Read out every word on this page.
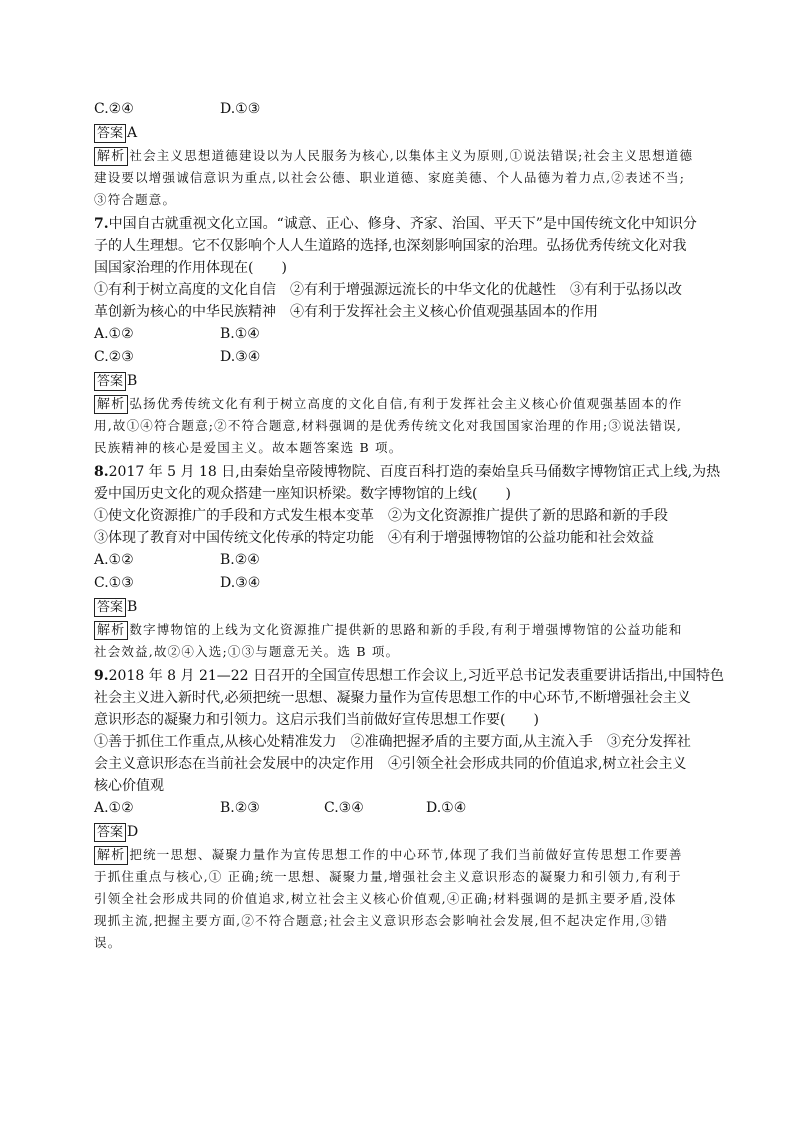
C.②④	D.①③
答案 A
解析 社会主义思想道德建设以为人民服务为核心,以集体主义为原则,①说法错误;社会主义思想道德
建设要以增强诚信意识为重点,以社会公德、职业道德、家庭美德、个人品德为着力点,②表述不当;
③符合题意。
7.中国自古就重视文化立国。“诚意、正心、修身、齐家、治国、平天下”是中国传统文化中知识分
子的人生理想。它不仅影响个人人生道路的选择,也深刻影响国家的治理。弘扬优秀传统文化对我
国国家治理的作用体现在(　　)
①有利于树立高度的文化自信　②有利于增强源远流长的中华文化的优越性　③有利于弘扬以改
革创新为核心的中华民族精神　④有利于发挥社会主义核心价值观强基固本的作用
A.①②	B.①④
C.②③	D.③④
答案 B
解析 弘扬优秀传统文化有利于树立高度的文化自信,有利于发挥社会主义核心价值观强基固本的作
用,故①④符合题意;②不符合题意,材料强调的是优秀传统文化对我国国家治理的作用;③说法错误,
民族精神的核心是爱国主义。故本题答案选 B 项。
8.2017 年 5 月 18 日,由秦始皇帝陵博物院、百度百科打造的秦始皇兵马俑数字博物馆正式上线,为热
爱中国历史文化的观众搭建一座知识桥梁。数字博物馆的上线(　　)
①使文化资源推广的手段和方式发生根本变革　②为文化资源推广提供了新的思路和新的手段
③体现了教育对中国传统文化传承的特定功能　④有利于增强博物馆的公益功能和社会效益
A.①②	B.②④
C.①③	D.③④
答案 B
解析 数字博物馆的上线为文化资源推广提供新的思路和新的手段,有利于增强博物馆的公益功能和
社会效益,故②④入选;①③与题意无关。选 B 项。
9.2018 年 8 月 21—22 日召开的全国宣传思想工作会议上,习近平总书记发表重要讲话指出,中国特色
社会主义进入新时代,必须把统一思想、凝聚力量作为宣传思想工作的中心环节,不断增强社会主义
意识形态的凝聚力和引领力。这启示我们当前做好宣传思想工作要(　　)
①善于抓住工作重点,从核心处精准发力　②准确把握矛盾的主要方面,从主流入手　③充分发挥社
会主义意识形态在当前社会发展中的决定作用　④引领全社会形成共同的价值追求,树立社会主义
核心价值观
A.①②	B.②③	C.③④	D.①④
答案 D
解析 把统一思想、凝聚力量作为宣传思想工作的中心环节,体现了我们当前做好宣传思想工作要善
于抓住重点与核心,① 正确;统一思想、凝聚力量,增强社会主义意识形态的凝聚力和引领力,有利于
引领全社会形成共同的价值追求,树立社会主义核心价值观,④正确;材料强调的是抓主要矛盾,没体
现抓主流,把握主要方面,②不符合题意;社会主义意识形态会影响社会发展,但不起决定作用,③错
误。
